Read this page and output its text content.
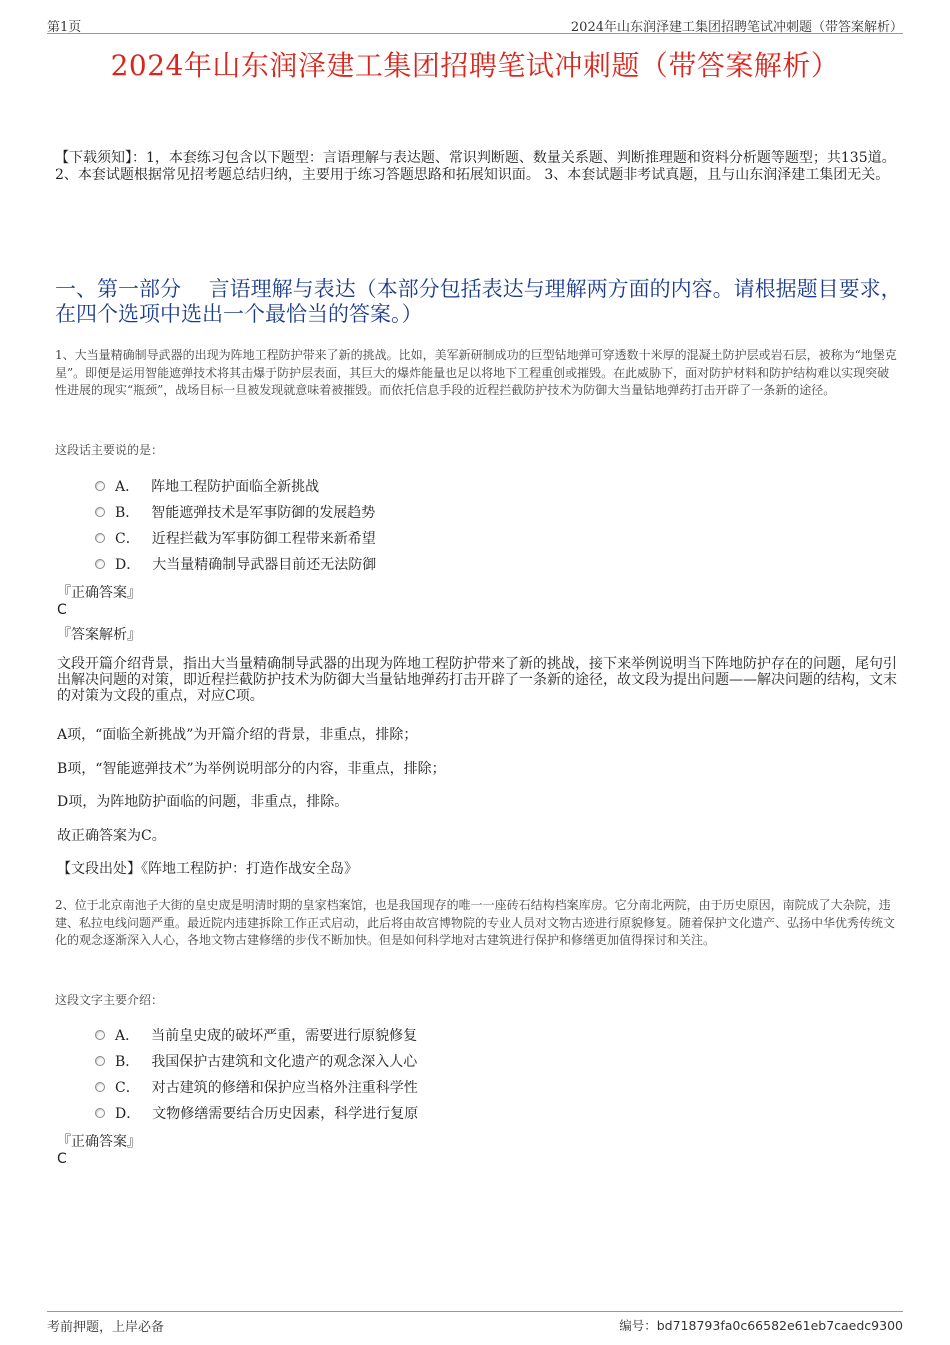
第1页	2024年山东润泽建工集团招聘笔试冲刺题（带答案解析）
2024年山东润泽建工集团招聘笔试冲刺题（带答案解析）
【下载须知】：1，本套练习包含以下题型：言语理解与表达题、常识判断题、数量关系题、判断推理题和资料分析题等题型；共135道。 2、本套试题根据常见招考题总结归纳，主要用于练习答题思路和拓展知识面。 3、本套试题非考试真题，且与山东润泽建工集团无关。
一、第一部分　 言语理解与表达（本部分包括表达与理解两方面的内容。请根据题目要求，在四个选项中选出一个最恰当的答案。）
1、大当量精确制导武器的出现为阵地工程防护带来了新的挑战。比如，美军新研制成功的巨型钻地弹可穿透数十米厚的混凝土防护层或岩石层，被称为“地堡克星”。即便是运用智能遮弹技术将其击爆于防护层表面，其巨大的爆炸能量也足以将地下工程重创或摧毁。在此威胁下，面对防护材料和防护结构难以实现突破性进展的现实“瓶颈”，战场目标一旦被发现就意味着被摧毁。而依托信息手段的近程拦截防护技术为防御大当量钻地弹药打击开辟了一条新的途径。
这段话主要说的是：
A． 阵地工程防护面临全新挑战
B． 智能遮弹技术是军事防御的发展趋势
C． 近程拦截为军事防御工程带来新希望
D． 大当量精确制导武器目前还无法防御
『正确答案』
C
『答案解析』
文段开篇介绍背景，指出大当量精确制导武器的出现为阵地工程防护带来了新的挑战，接下来举例说明当下阵地防护存在的问题，尾句引出解决问题的对策，即近程拦截防护技术为防御大当量钻地弹药打击开辟了一条新的途径，故文段为提出问题——解决问题的结构，文末的对策为文段的重点，对应C项。
A项，“面临全新挑战”为开篇介绍的背景，非重点，排除；
B项，“智能遮弹技术”为举例说明部分的内容，非重点，排除；
D项，为阵地防护面临的问题，非重点，排除。
故正确答案为C。
【文段出处】《阵地工程防护：打造作战安全岛》
2、位于北京南池子大街的皇史宬是明清时期的皇家档案馆，也是我国现存的唯一一座砖石结构档案库房。它分南北两院，由于历史原因，南院成了大杂院，违建、私拉电线问题严重。最近院内违建拆除工作正式启动，此后将由故宫博物院的专业人员对文物古迹进行原貌修复。随着保护文化遗产、弘扬中华优秀传统文化的观念逐渐深入人心，各地文物古建修缮的步伐不断加快。但是如何科学地对古建筑进行保护和修缮更加值得探讨和关注。
这段文字主要介绍：
A． 当前皇史宬的破坏严重，需要进行原貌修复
B． 我国保护古建筑和文化遗产的观念深入人心
C． 对古建筑的修缮和保护应当格外注重科学性
D． 文物修缮需要结合历史因素，科学进行复原
『正确答案』
C
考前押题，上岸必备	编号：bd718793fa0c66582e61eb7caedc9300
